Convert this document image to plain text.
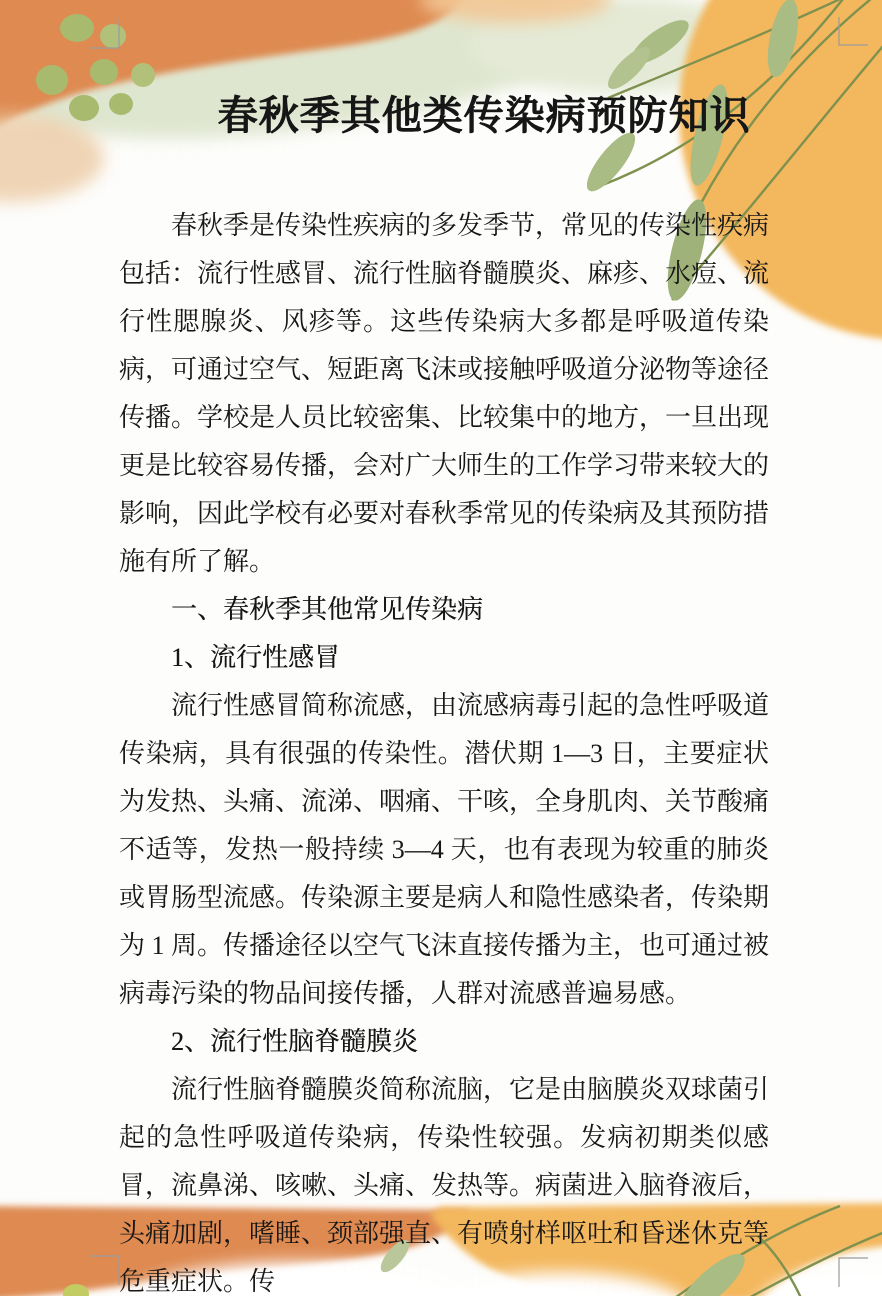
春秋季其他类传染病预防知识

春秋季是传染性疾病的多发季节，常见的传染性疾病包括：流行性感冒、流行性脑脊髓膜炎、麻疹、水痘、流行性腮腺炎、风疹等。这些传染病大多都是呼吸道传染病，可通过空气、短距离飞沫或接触呼吸道分泌物等途径传播。学校是人员比较密集、比较集中的地方，一旦出现更是比较容易传播，会对广大师生的工作学习带来较大的影响，因此学校有必要对春秋季常见的传染病及其预防措施有所了解。

一、春秋季其他常见传染病
1、流行性感冒

流行性感冒简称流感，由流感病毒引起的急性呼吸道传染病，具有很强的传染性。潜伏期 1—3 日，主要症状为发热、头痛、流涕、咽痛、干咳，全身肌肉、关节酸痛不适等，发热一般持续 3—4 天，也有表现为较重的肺炎或胃肠型流感。传染源主要是病人和隐性感染者，传染期为 1 周。传播途径以空气飞沫直接传播为主，也可通过被病毒污染的物品间接传播，人群对流感普遍易感。

2、流行性脑脊髓膜炎

流行性脑脊髓膜炎简称流脑，它是由脑膜炎双球菌引起的急性呼吸道传染病，传染性较强。发病初期类似感冒，流鼻涕、咳嗽、头痛、发热等。病菌进入脑脊液后，头痛加剧，嗜睡、颈部强直、有喷射样呕吐和昏迷休克等危重症状。传
